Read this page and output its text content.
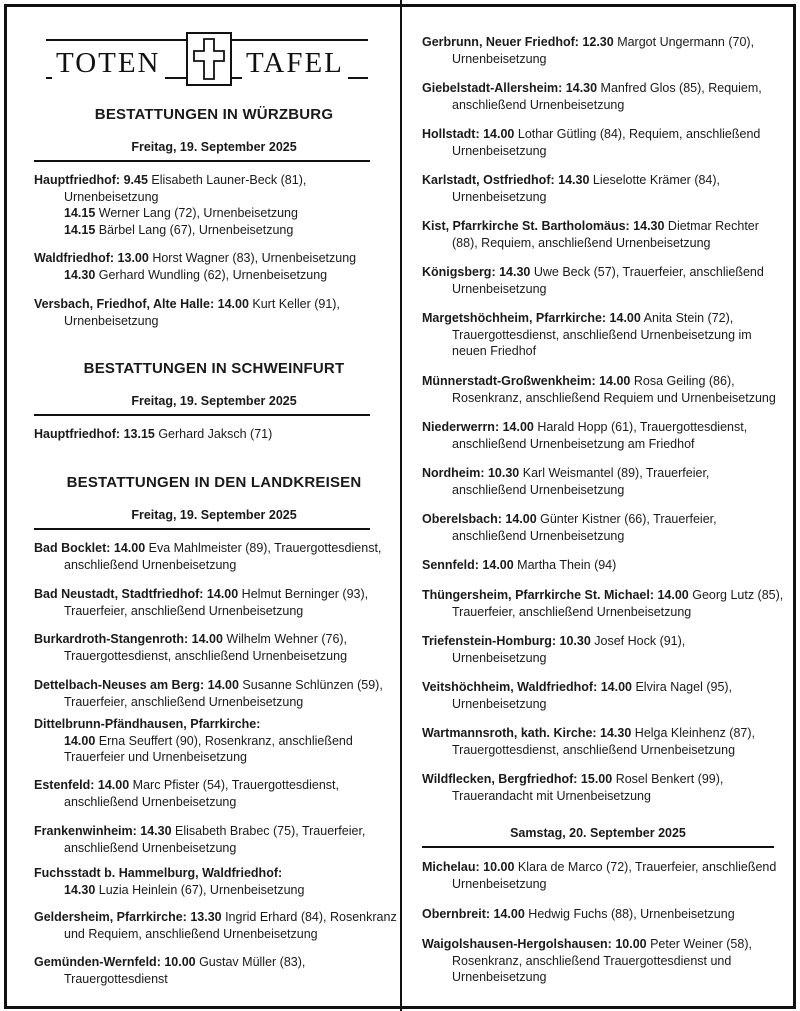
TOTEN	TAFEL
BESTATTUNGEN IN WÜRZBURG
Freitag, 19. September 2025
Hauptfriedhof: 9.45 Elisabeth Launer-Beck (81),
Urnenbeisetzung
14.15 Werner Lang (72), Urnenbeisetzung
14.15 Bärbel Lang (67), Urnenbeisetzung
Waldfriedhof: 13.00 Horst Wagner (83), Urnenbeisetzung
14.30 Gerhard Wundling (62), Urnenbeisetzung
Versbach, Friedhof, Alte Halle: 14.00 Kurt Keller (91),
Urnenbeisetzung
BESTATTUNGEN IN SCHWEINFURT
Freitag, 19. September 2025
Hauptfriedhof: 13.15 Gerhard Jaksch (71)
BESTATTUNGEN IN DEN LANDKREISEN
Freitag, 19. September 2025
Bad Bocklet: 14.00 Eva Mahlmeister (89), Trauergottesdienst,
anschließend Urnenbeisetzung
Bad Neustadt, Stadtfriedhof: 14.00 Helmut Berninger (93),
Trauerfeier, anschließend Urnenbeisetzung
Burkardroth-Stangenroth: 14.00 Wilhelm Wehner (76),
Trauergottesdienst, anschließend Urnenbeisetzung
Dettelbach-Neuses am Berg: 14.00 Susanne Schlünzen (59),
Trauerfeier, anschließend Urnenbeisetzung
Dittelbrunn-Pfändhausen, Pfarrkirche:
14.00 Erna Seuffert (90), Rosenkranz, anschließend
Trauerfeier und Urnenbeisetzung
Estenfeld: 14.00 Marc Pfister (54), Trauergottesdienst,
anschließend Urnenbeisetzung
Frankenwinheim: 14.30 Elisabeth Brabec (75), Trauerfeier,
anschließend Urnenbeisetzung
Fuchsstadt b. Hammelburg, Waldfriedhof:
14.30 Luzia Heinlein (67), Urnenbeisetzung
Geldersheim, Pfarrkirche: 13.30 Ingrid Erhard (84), Rosenkranz
und Requiem, anschließend Urnenbeisetzung
Gemünden-Wernfeld: 10.00 Gustav Müller (83),
Trauergottesdienst
Gerbrunn, Neuer Friedhof: 12.30 Margot Ungermann (70),
Urnenbeisetzung
Giebelstadt-Allersheim: 14.30 Manfred Glos (85), Requiem,
anschließend Urnenbeisetzung
Hollstadt: 14.00 Lothar Gütling (84), Requiem, anschließend
Urnenbeisetzung
Karlstadt, Ostfriedhof: 14.30 Lieselotte Krämer (84),
Urnenbeisetzung
Kist, Pfarrkirche St. Bartholomäus: 14.30 Dietmar Rechter
(88), Requiem, anschließend Urnenbeisetzung
Königsberg: 14.30 Uwe Beck (57), Trauerfeier, anschließend
Urnenbeisetzung
Margetshöchheim, Pfarrkirche: 14.00 Anita Stein (72),
Trauergottesdienst, anschließend Urnenbeisetzung im
neuen Friedhof
Münnerstadt-Großwenkheim: 14.00 Rosa Geiling (86),
Rosenkranz, anschließend Requiem und Urnenbeisetzung
Niederwerrn: 14.00 Harald Hopp (61), Trauergottesdienst,
anschließend Urnenbeisetzung am Friedhof
Nordheim: 10.30 Karl Weismantel (89), Trauerfeier,
anschließend Urnenbeisetzung
Oberelsbach: 14.00 Günter Kistner (66), Trauerfeier,
anschließend Urnenbeisetzung
Sennfeld: 14.00 Martha Thein (94)
Thüngersheim, Pfarrkirche St. Michael: 14.00 Georg Lutz (85),
Trauerfeier, anschließend Urnenbeisetzung
Triefenstein-Homburg: 10.30 Josef Hock (91),
Urnenbeisetzung
Veitshöchheim, Waldfriedhof: 14.00 Elvira Nagel (95),
Urnenbeisetzung
Wartmannsroth, kath. Kirche: 14.30 Helga Kleinhenz (87),
Trauergottesdienst, anschließend Urnenbeisetzung
Wildflecken, Bergfriedhof: 15.00 Rosel Benkert (99),
Trauerandacht mit Urnenbeisetzung
Samstag, 20. September 2025
Michelau: 10.00 Klara de Marco (72), Trauerfeier, anschließend
Urnenbeisetzung
Obernbreit: 14.00 Hedwig Fuchs (88), Urnenbeisetzung
Waigolshausen-Hergolshausen: 10.00 Peter Weiner (58),
Rosenkranz, anschließend Trauergottesdienst und
Urnenbeisetzung
